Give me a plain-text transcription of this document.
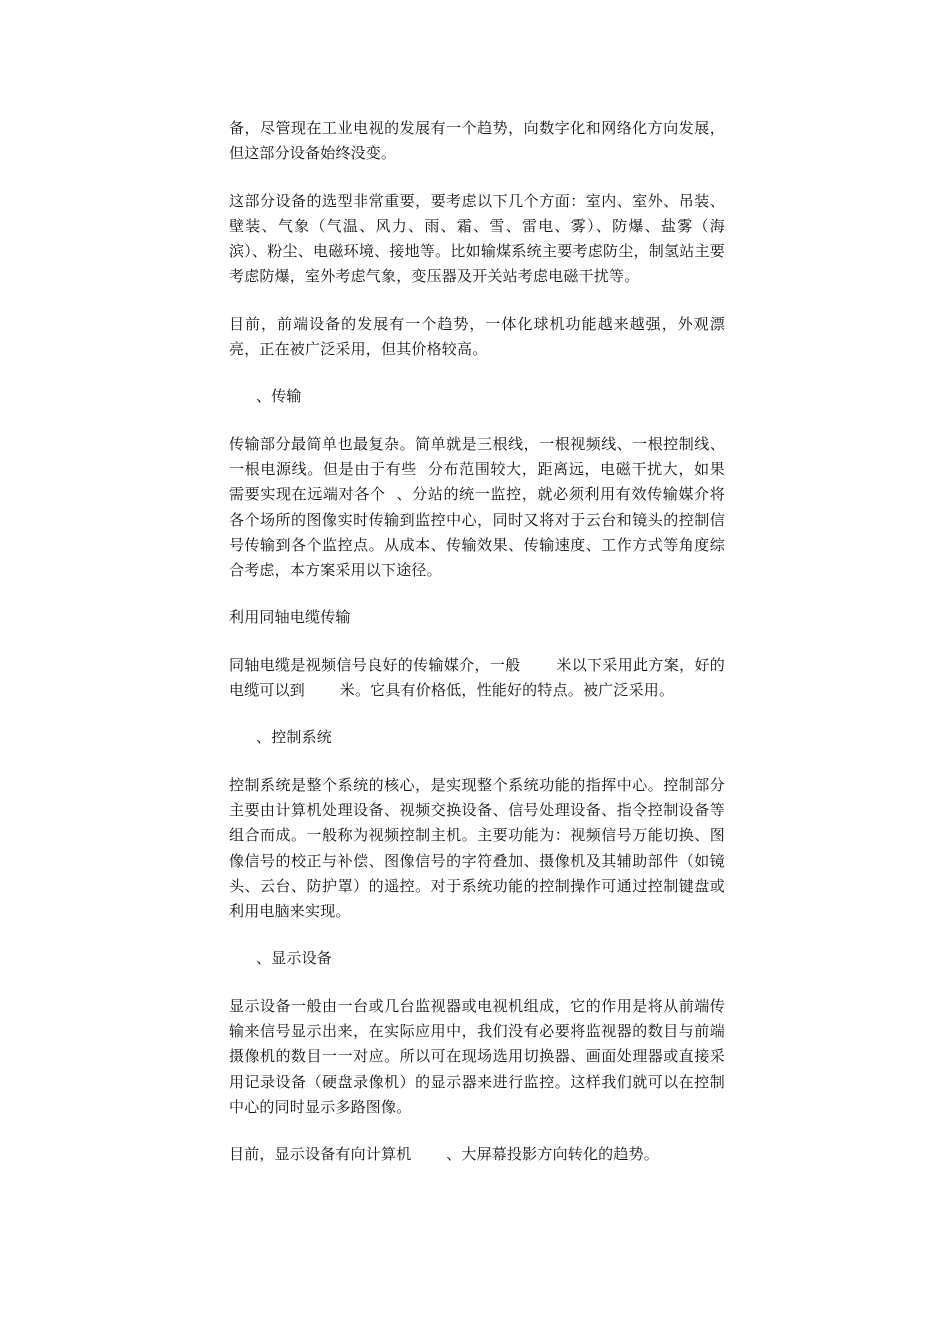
备，尽管现在工业电视的发展有一个趋势，向数字化和网络化方向发展，但这部分设备始终没变。

这部分设备的选型非常重要，要考虑以下几个方面：室内、室外、吊装、壁装、气象（气温、风力、雨、霜、雪、雷电、雾）、防爆、盐雾（海滨）、粉尘、电磁环境、接地等。比如输煤系统主要考虑防尘，制氢站主要考虑防爆，室外考虑气象，变压器及开关站考虑电磁干扰等。

目前，前端设备的发展有一个趋势，一体化球机功能越来越强，外观漂亮，正在被广泛采用，但其价格较高。

、传输

传输部分最简单也最复杂。简单就是三根线，一根视频线、一根控制线、一根电源线。但是由于有些  分布范围较大，距离远，电磁干扰大，如果需要实现在远端对各个  、分站的统一监控，就必须利用有效传输媒介将各个场所的图像实时传输到监控中心，同时又将对于云台和镜头的控制信号传输到各个监控点。从成本、传输效果、传输速度、工作方式等角度综合考虑，本方案采用以下途径。

利用同轴电缆传输

同轴电缆是视频信号良好的传输媒介，一般       米以下采用此方案，好的电缆可以到       米。它具有价格低，性能好的特点。被广泛采用。

、控制系统

控制系统是整个系统的核心，是实现整个系统功能的指挥中心。控制部分主要由计算机处理设备、视频交换设备、信号处理设备、指令控制设备等组合而成。一般称为视频控制主机。主要功能为：视频信号万能切换、图像信号的校正与补偿、图像信号的字符叠加、摄像机及其辅助部件（如镜头、云台、防护罩）的遥控。对于系统功能的控制操作可通过控制键盘或利用电脑来实现。

、显示设备

显示设备一般由一台或几台监视器或电视机组成，它的作用是将从前端传输来信号显示出来，在实际应用中，我们没有必要将监视器的数目与前端摄像机的数目一一对应。所以可在现场选用切换器、画面处理器或直接采用记录设备（硬盘录像机）的显示器来进行监控。这样我们就可以在控制中心的同时显示多路图像。

目前，显示设备有向计算机       、大屏幕投影方向转化的趋势。
